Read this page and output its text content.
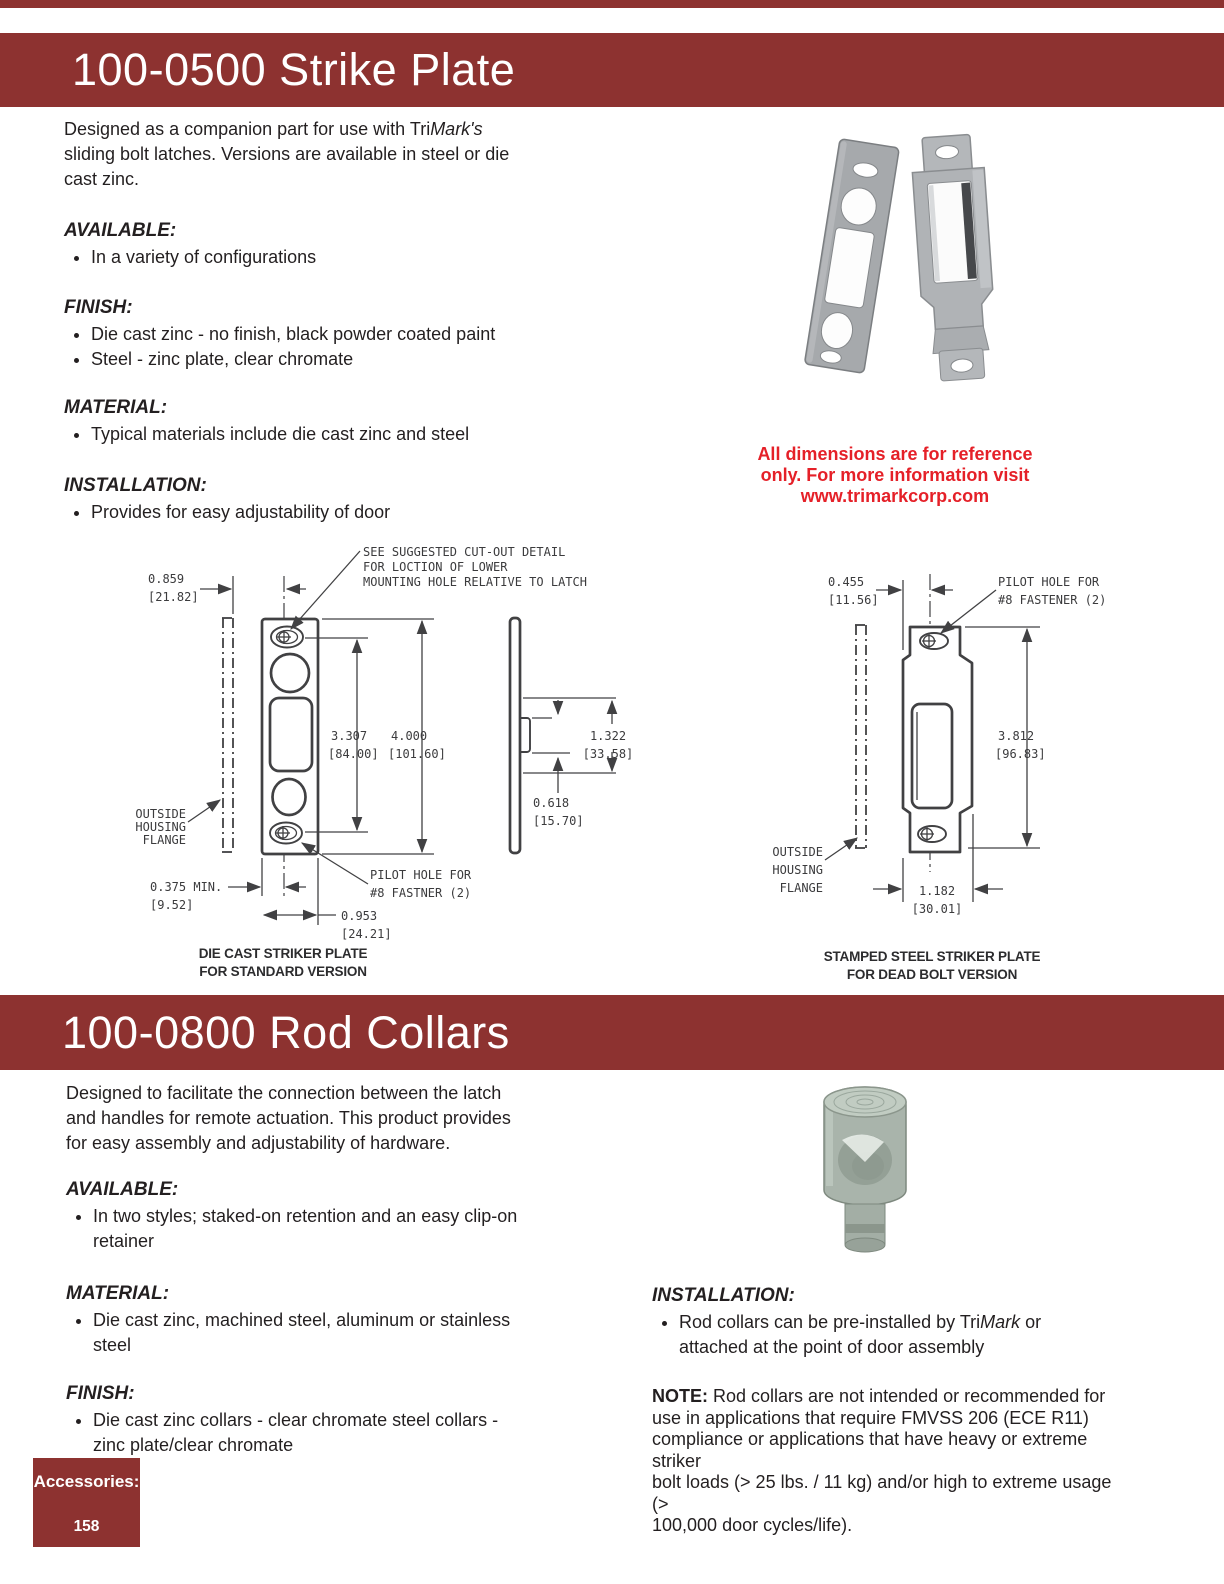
100-0500 Strike Plate
Designed as a companion part for use with TriMark's
sliding bolt latches. Versions are available in steel or die
cast zinc.
AVAILABLE:
• In a variety of configurations
FINISH:
• Die cast zinc - no finish, black powder coated paint
• Steel - zinc plate, clear chromate
MATERIAL:
• Typical materials include die cast zinc and steel
INSTALLATION:
• Provides for easy adjustability of door
All dimensions are for reference
only. For more information visit
www.trimarkcorp.com
0.859
[21.82]
SEE SUGGESTED CUT-OUT DETAIL
FOR LOCTION OF LOWER
MOUNTING HOLE RELATIVE TO LATCH
3.307
[84.00]
4.000
[101.60]
OUTSIDE
HOUSING
FLANGE
0.375 MIN.
[9.52]
0.953
[24.21]
PILOT HOLE FOR
#8 FASTNER (2)
1.322
[33.58]
0.618
[15.70]
DIE CAST STRIKER PLATE
FOR STANDARD VERSION
0.455
[11.56]
PILOT HOLE FOR
#8 FASTENER (2)
3.812
[96.83]
OUTSIDE
HOUSING
FLANGE	1.182
[30.01]
STAMPED STEEL STRIKER PLATE
FOR DEAD BOLT VERSION
100-0800 Rod Collars
Designed to facilitate the connection between the latch
and handles for remote actuation. This product provides
for easy assembly and adjustability of hardware.
AVAILABLE:
• In two styles; staked-on retention and an easy clip-on
retainer
MATERIAL:
• Die cast zinc, machined steel, aluminum or stainless
steel
FINISH:
• Die cast zinc collars - clear chromate steel collars -
zinc plate/clear chromate
INSTALLATION:
• Rod collars can be pre-installed by TriMark or
attached at the point of door assembly
NOTE: Rod collars are not intended or recommended for
use in applications that require FMVSS 206 (ECE R11)
compliance or applications that have heavy or extreme striker
bolt loads (> 25 lbs. / 11 kg) and/or high to extreme usage (>
100,000 door cycles/life).
Accessories:
158
